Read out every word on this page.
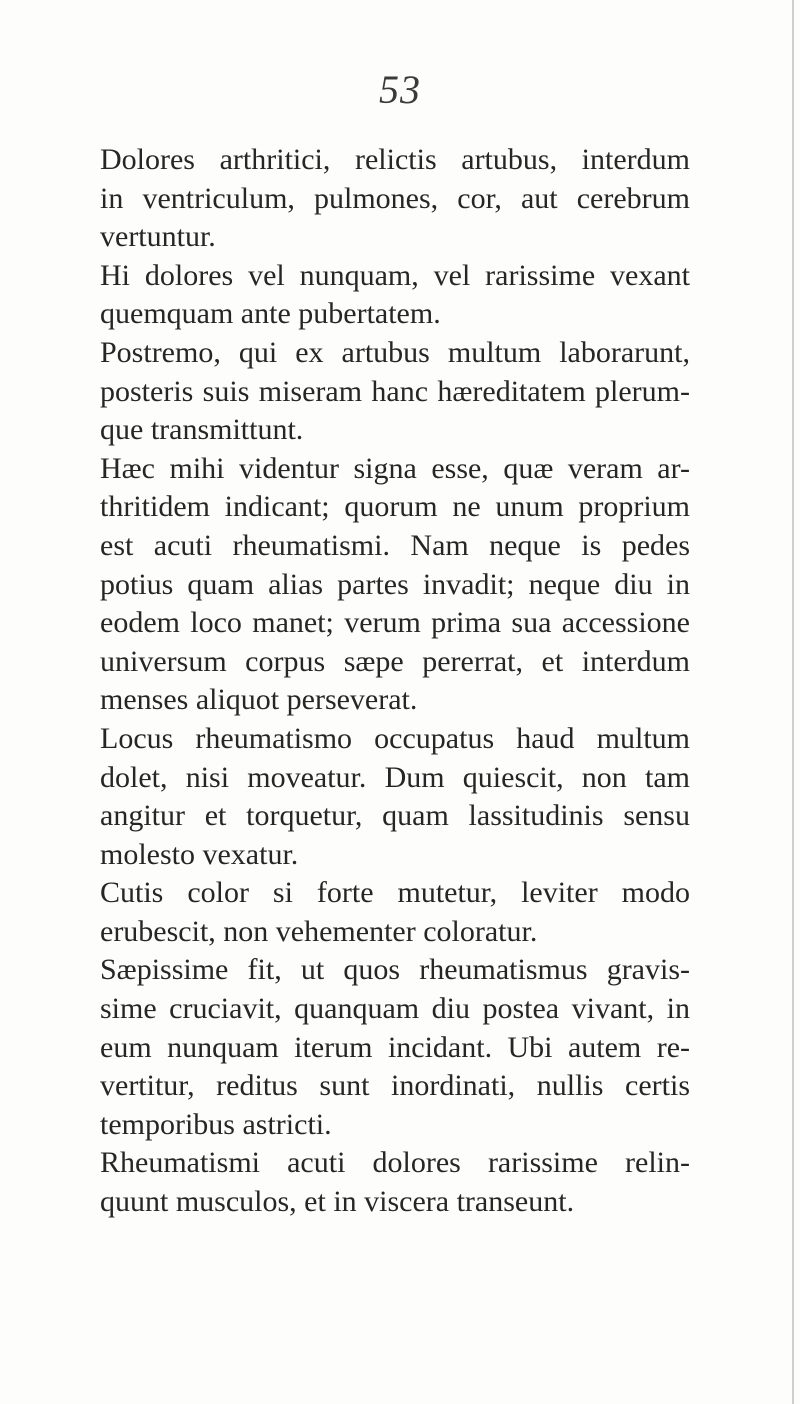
53
Dolores arthritici, relictis artubus, interdum
in ventriculum, pulmones, cor, aut cerebrum
vertuntur.
Hi dolores vel nunquam, vel rarissime vexant
quemquam ante pubertatem.
Postremo, qui ex artubus multum laborarunt,
posteris suis miseram hanc hæreditatem plerum-
que transmittunt.
Hæc mihi videntur signa esse, quæ veram ar-
thritidem indicant; quorum ne unum proprium
est acuti rheumatismi. Nam neque is pedes
potius quam alias partes invadit; neque diu in
eodem loco manet; verum prima sua accessione
universum corpus sæpe pererrat, et interdum
menses aliquot perseverat.
Locus rheumatismo occupatus haud multum
dolet, nisi moveatur. Dum quiescit, non tam
angitur et torquetur, quam lassitudinis sensu
molesto vexatur.
Cutis color si forte mutetur, leviter modo
erubescit, non vehementer coloratur.
Sæpissime fit, ut quos rheumatismus gravis-
sime cruciavit, quanquam diu postea vivant, in
eum nunquam iterum incidant. Ubi autem re-
vertitur, reditus sunt inordinati, nullis certis
temporibus astricti.
Rheumatismi acuti dolores rarissime relin-
quunt musculos, et in viscera transeunt.
